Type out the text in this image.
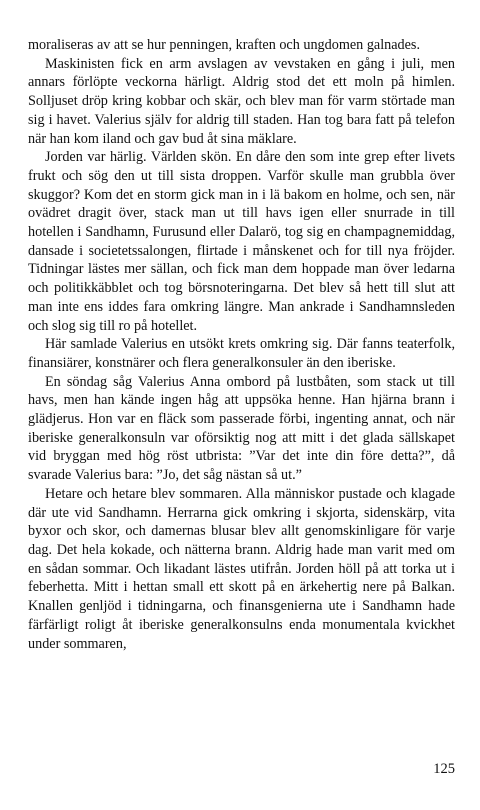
moraliseras av att se hur penningen, kraften och ungdomen galnades.

Maskinisten fick en arm avslagen av vevstaken en gång i juli, men annars förlöpte veckorna härligt. Aldrig stod det ett moln på himlen. Solljuset dröp kring kobbar och skär, och blev man för varm störtade man sig i havet. Valerius själv for aldrig till staden. Han tog bara fatt på telefon när han kom iland och gav bud åt sina mäklare.

Jorden var härlig. Världen skön. En dåre den som inte grep efter livets frukt och sög den ut till sista droppen. Varför skulle man grubbla över skuggor? Kom det en storm gick man in i lä bakom en holme, och sen, när ovädret dragit över, stack man ut till havs igen eller snurrade in till hotellen i Sandhamn, Furusund eller Dalarö, tog sig en champagnemiddag, dansade i societetssalongen, flirtade i månskenet och for till nya fröjder. Tidningar lästes mer sällan, och fick man dem hoppade man över ledarna och politikkäbblet och tog börsnoteringarna. Det blev så hett till slut att man inte ens iddes fara omkring längre. Man ankrade i Sandhamnsleden och slog sig till ro på hotellet.

Här samlade Valerius en utsökt krets omkring sig. Där fanns teaterfolk, finansiärer, konstnärer och flera generalkonsuler än den iberiske.

En söndag såg Valerius Anna ombord på lustbåten, som stack ut till havs, men han kände ingen håg att uppsöka henne. Han hjärna brann i glädjerus. Hon var en fläck som passerade förbi, ingenting annat, och när iberiske generalkonsuln var oförsiktig nog att mitt i det glada sällskapet vid bryggan med hög röst utbrista: ”Var det inte din före detta?”, då svarade Valerius bara: ”Jo, det såg nästan så ut.”

Hetare och hetare blev sommaren. Alla människor pustade och klagade där ute vid Sandhamn. Herrarna gick omkring i skjorta, sidenskärp, vita byxor och skor, och damernas blusar blev allt genomskinligare för varje dag. Det hela kokade, och nätterna brann. Aldrig hade man varit med om en sådan sommar. Och likadant lästes utifrån. Jorden höll på att torka ut i feberhetta. Mitt i hettan small ett skott på en ärkehertig nere på Balkan. Knallen genljöd i tidningarna, och finansgenierna ute i Sandhamn hade färfärligt roligt åt iberiske generalkonsulns enda monumentala kvickhet under sommaren,

125
